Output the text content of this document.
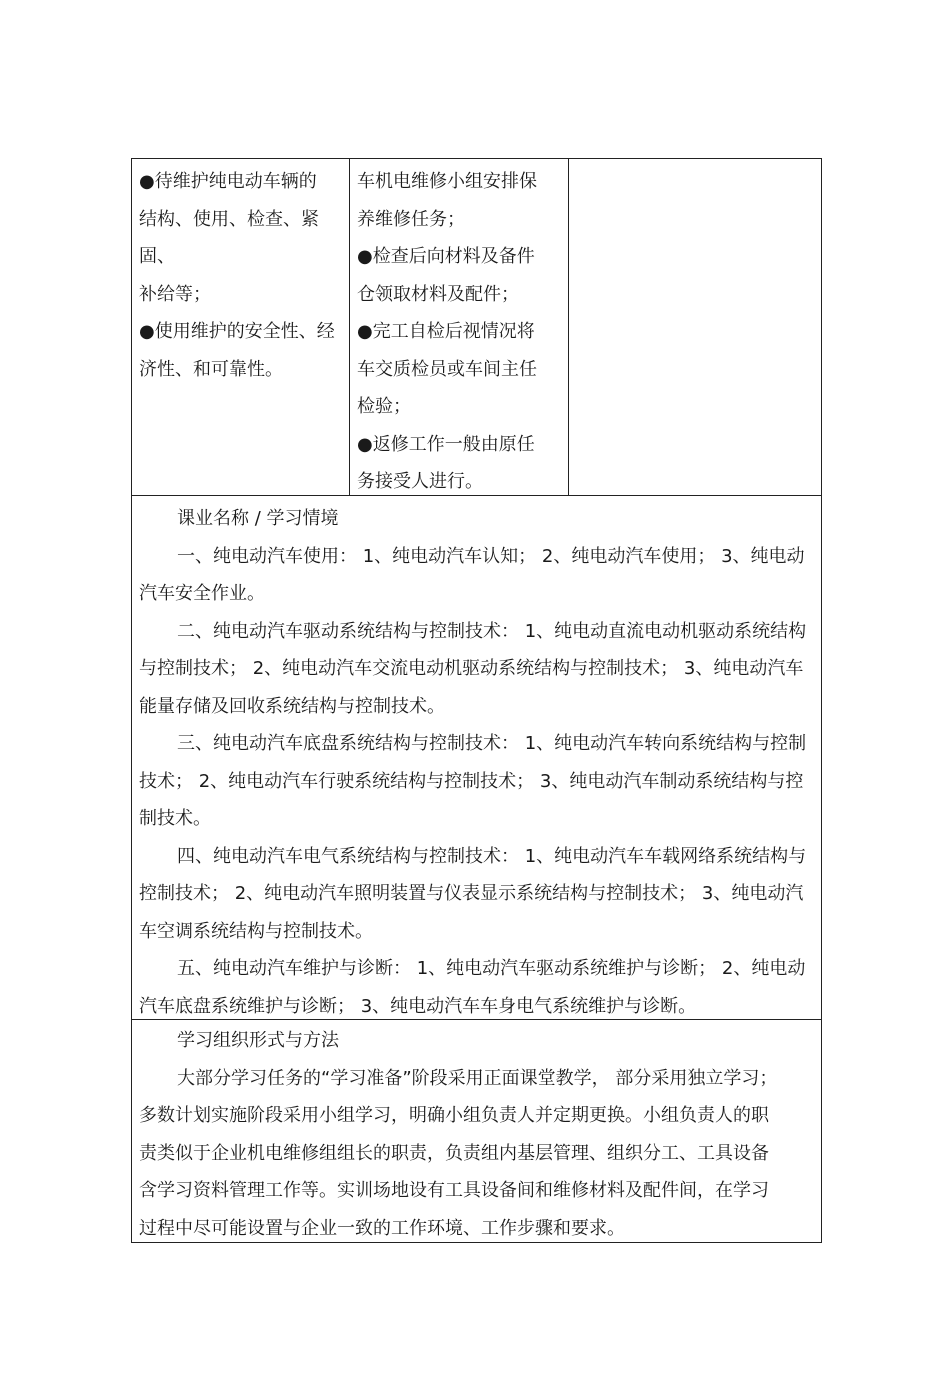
●待维护纯电动车辆的

结构、使用、检查、紧固、

补给等；

●使用维护的安全性、经

济性、和可靠性。

车机电维修小组安排保

养维修任务；

●检查后向材料及备件

仓领取材料及配件；

●完工自检后视情况将

车交质检员或车间主任

检验；

●返修工作一般由原任

务接受人进行。

课业名称 / 学习情境

一、纯电动汽车使用： 1、纯电动汽车认知； 2、纯电动汽车使用； 3、纯电动汽车安全作业。

二、纯电动汽车驱动系统结构与控制技术： 1、纯电动直流电动机驱动系统结构与控制技术； 2、纯电动汽车交流电动机驱动系统结构与控制技术； 3、纯电动汽车能量存储及回收系统结构与控制技术。

三、纯电动汽车底盘系统结构与控制技术： 1、纯电动汽车转向系统结构与控制技术； 2、纯电动汽车行驶系统结构与控制技术； 3、纯电动汽车制动系统结构与控制技术。

四、纯电动汽车电气系统结构与控制技术： 1、纯电动汽车车载网络系统结构与控制技术； 2、纯电动汽车照明装置与仪表显示系统结构与控制技术； 3、纯电动汽车空调系统结构与控制技术。

五、纯电动汽车维护与诊断： 1、纯电动汽车驱动系统维护与诊断； 2、纯电动汽车底盘系统维护与诊断； 3、纯电动汽车车身电气系统维护与诊断。

学习组织形式与方法

大部分学习任务的“学习准备”阶段采用正面课堂教学， 部分采用独立学习；

多数计划实施阶段采用小组学习，明确小组负责人并定期更换。小组负责人的职

责类似于企业机电维修组组长的职责，负责组内基层管理、组织分工、工具设备

含学习资料管理工作等。实训场地设有工具设备间和维修材料及配件间，在学习

过程中尽可能设置与企业一致的工作环境、工作步骤和要求。
